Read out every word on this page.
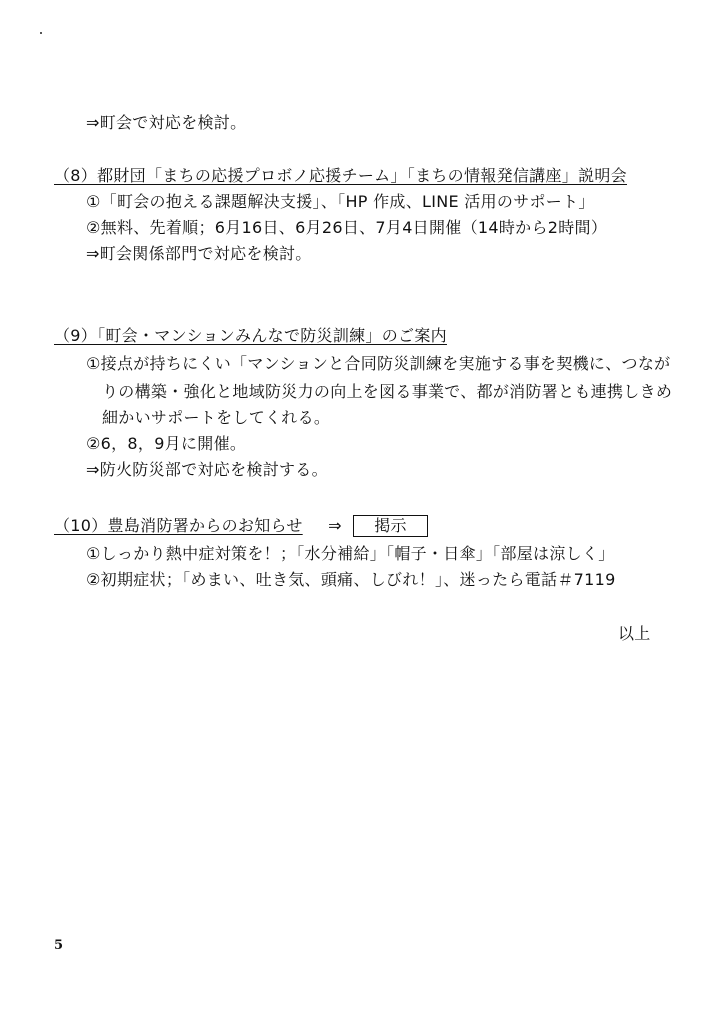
⇒町会で対応を検討。
（8）都財団「まちの応援プロボノ応援チーム」「まちの情報発信講座」説明会
①「町会の抱える課題解決支援」、「HP 作成、LINE 活用のサポート」
②無料、先着順；6月16日、6月26日、7月4日開催（14時から2時間）
⇒町会関係部門で対応を検討。
（9）「町会・マンションみんなで防災訓練」のご案内
①接点が持ちにくい「マンションと合同防災訓練を実施する事を契機に、つなが
りの構築・強化と地域防災力の向上を図る事業で、都が消防署とも連携しきめ
細かいサポートをしてくれる。
②6，8，9月に開催。
⇒防火防災部で対応を検討する。
（10）豊島消防署からのお知らせ ⇒ 掲示
①しっかり熱中症対策を！；「水分補給」「帽子・日傘」「部屋は涼しく」
②初期症状；「めまい、吐き気、頭痛、しびれ！」、迷ったら電話＃7119
以上
5
